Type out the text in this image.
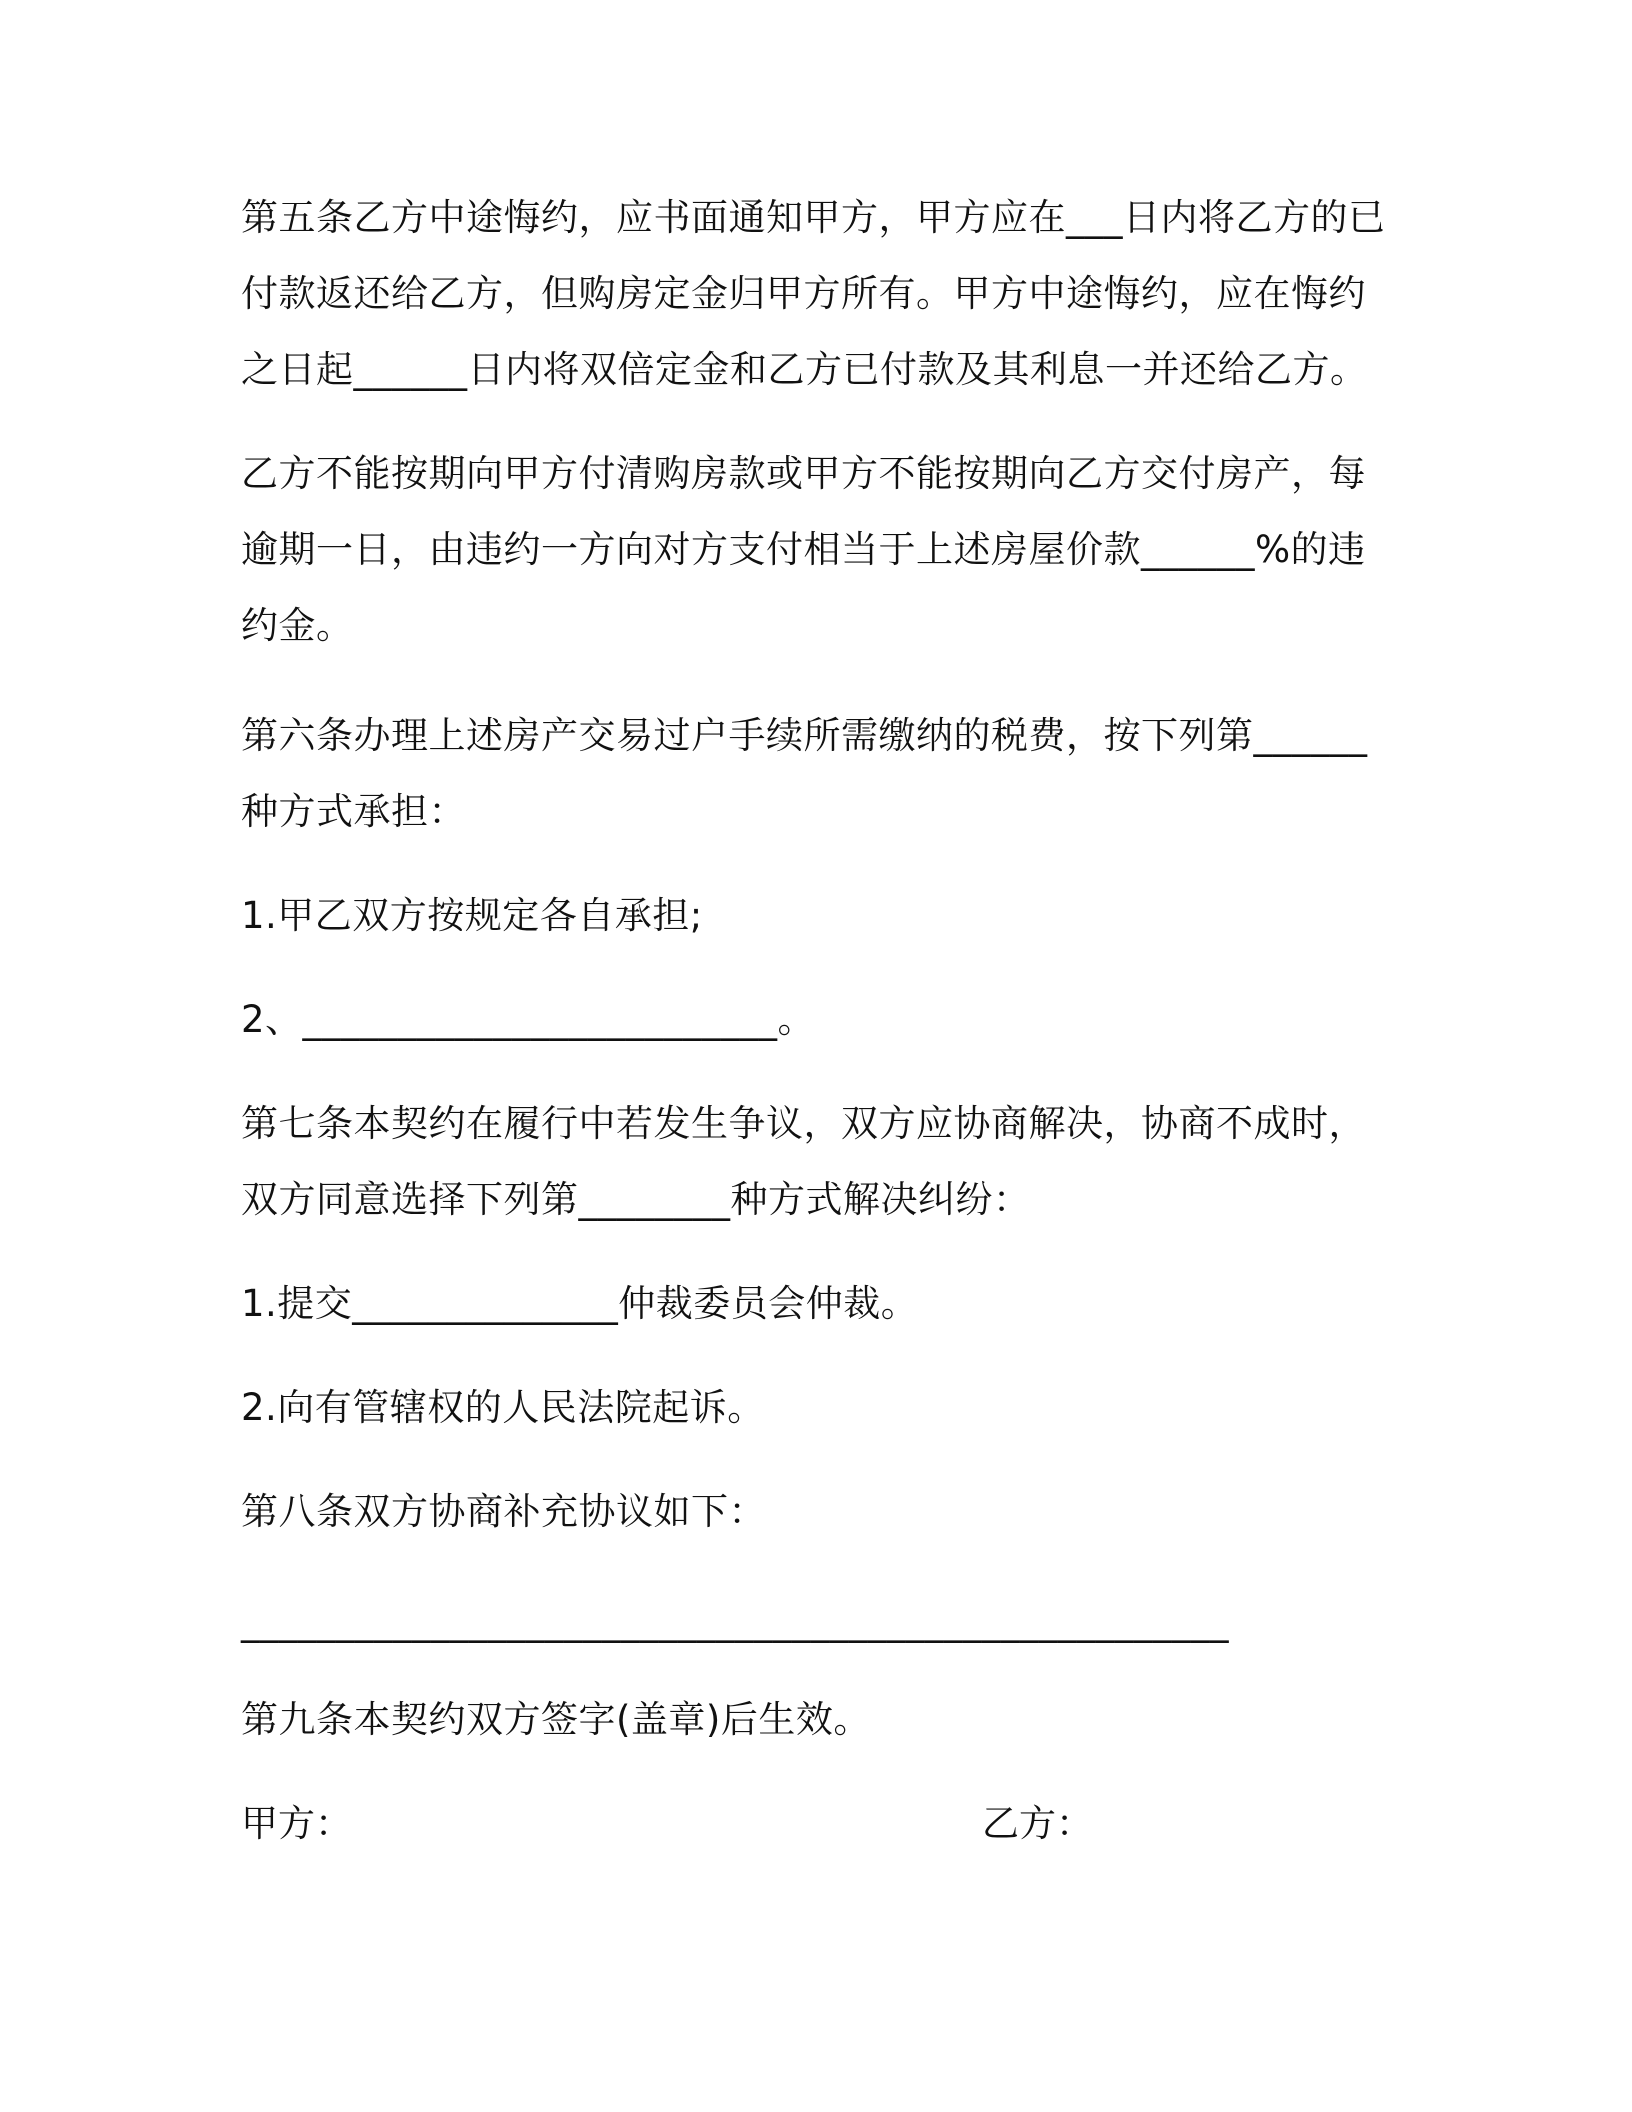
第五条乙方中途悔约，应书面通知甲方，甲方应在___日内将乙方的已
付款返还给乙方，但购房定金归甲方所有。甲方中途悔约，应在悔约
之日起______日内将双倍定金和乙方已付款及其利息一并还给乙方。
乙方不能按期向甲方付清购房款或甲方不能按期向乙方交付房产，每
逾期一日，由违约一方向对方支付相当于上述房屋价款______%的违
约金。
第六条办理上述房产交易过户手续所需缴纳的税费，按下列第______
种方式承担：
1.甲乙双方按规定各自承担;
2、_________________________。
第七条本契约在履行中若发生争议，双方应协商解决，协商不成时，
双方同意选择下列第________种方式解决纠纷：
1.提交______________仲裁委员会仲裁。
2.向有管辖权的人民法院起诉。
第八条双方协商补充协议如下：
____________________________________________________
第九条本契约双方签字(盖章)后生效。
甲方：	乙方：
